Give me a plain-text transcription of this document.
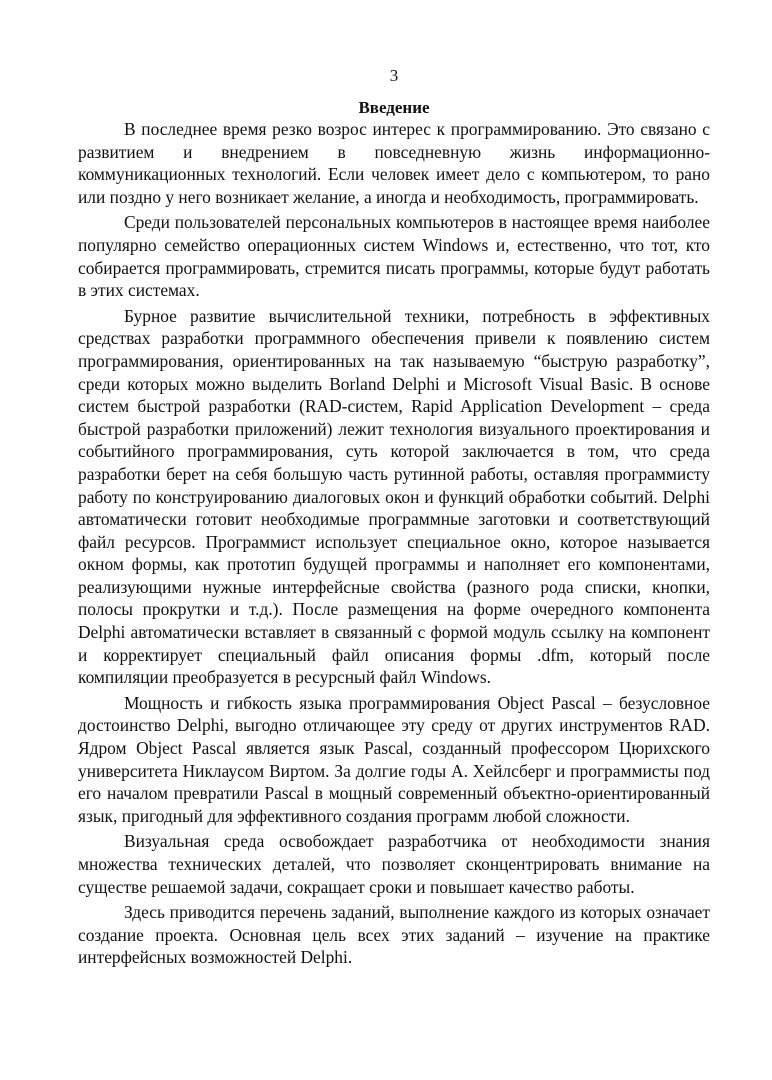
3
Введение

В последнее время резко возрос интерес к программированию. Это связано с развитием и внедрением в повседневную жизнь информационно-коммуникационных технологий. Если человек имеет дело с компьютером, то рано или поздно у него возникает желание, а иногда и необходимость, программировать.

Среди пользователей персональных компьютеров в настоящее время наиболее популярно семейство операционных систем Windows и, естественно, что тот, кто собирается программировать, стремится писать программы, которые будут работать в этих системах.

Бурное развитие вычислительной техники, потребность в эффективных средствах разработки программного обеспечения привели к появлению систем программирования, ориентированных на так называемую “быструю разработку”, среди которых можно выделить Borland Delphi и Microsoft Visual Basic. В основе систем быстрой разработки (RAD-систем, Rapid Application Development – среда быстрой разработки приложений) лежит технология визуального проектирования и событийного программирования, суть которой заключается в том, что среда разработки берет на себя большую часть рутинной работы, оставляя программисту работу по конструированию диалоговых окон и функций обработки событий. Delphi автоматически готовит необходимые программные заготовки и соответствующий файл ресурсов. Программист использует специальное окно, которое называется окном формы, как прототип будущей программы и наполняет его компонентами, реализующими нужные интерфейсные свойства (разного рода списки, кнопки, полосы прокрутки и т.д.). После размещения на форме очередного компонента Delphi автоматически вставляет в связанный с формой модуль ссылку на компонент и корректирует специальный файл описания формы .dfm, который после компиляции преобразуется в ресурсный файл Windows.

Мощность и гибкость языка программирования Object Pascal – безусловное достоинство Delphi, выгодно отличающее эту среду от других инструментов RAD. Ядром Object Pascal является язык Pascal, созданный профессором Цюрихского университета Никлаусом Виртом. За долгие годы А. Хейлсберг и программисты под его началом превратили Pascal в мощный современный объектно-ориентированный язык, пригодный для эффективного создания программ любой сложности.

Визуальная среда освобождает разработчика от необходимости знания множества технических деталей, что позволяет сконцентрировать внимание на существе решаемой задачи, сокращает сроки и повышает качество работы.

Здесь приводится перечень заданий, выполнение каждого из которых означает создание проекта. Основная цель всех этих заданий – изучение на практике интерфейсных возможностей Delphi.
